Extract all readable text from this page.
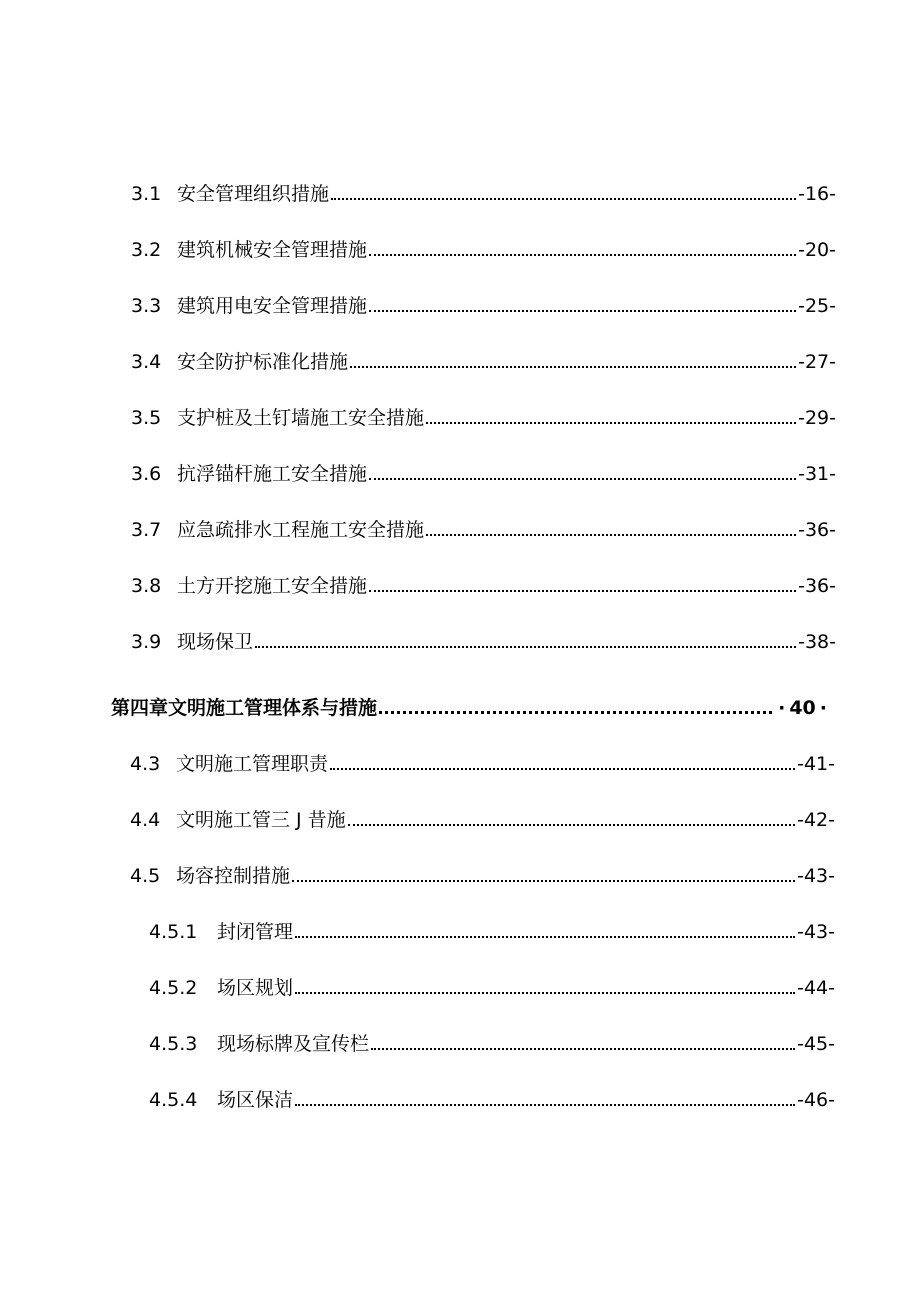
3.1 安全管理组织措施	-16-
3.2 建筑机械安全管理措施	-20-
3.3 建筑用电安全管理措施	-25-
3.4 安全防护标准化措施	-27-
3.5 支护桩及土钉墙施工安全措施	-29-
3.6 抗浮锚杆施工安全措施	-31-
3.7 应急疏排水工程施工安全措施	-36-
3.8 土方开挖施工安全措施	-36-
3.9 现场保卫	-38-
第四章文明施工管理体系与措施	· 40 ·
4.3 文明施工管理职责	-41-
4.4 文明施工管三 J 昔施	-42-
4.5 场容控制措施	-43-
4.5.1	封闭管理	-43-
4.5.2	场区规划	-44-
4.5.3	现场标牌及宣传栏	-45-
4.5.4	场区保洁	-46-
